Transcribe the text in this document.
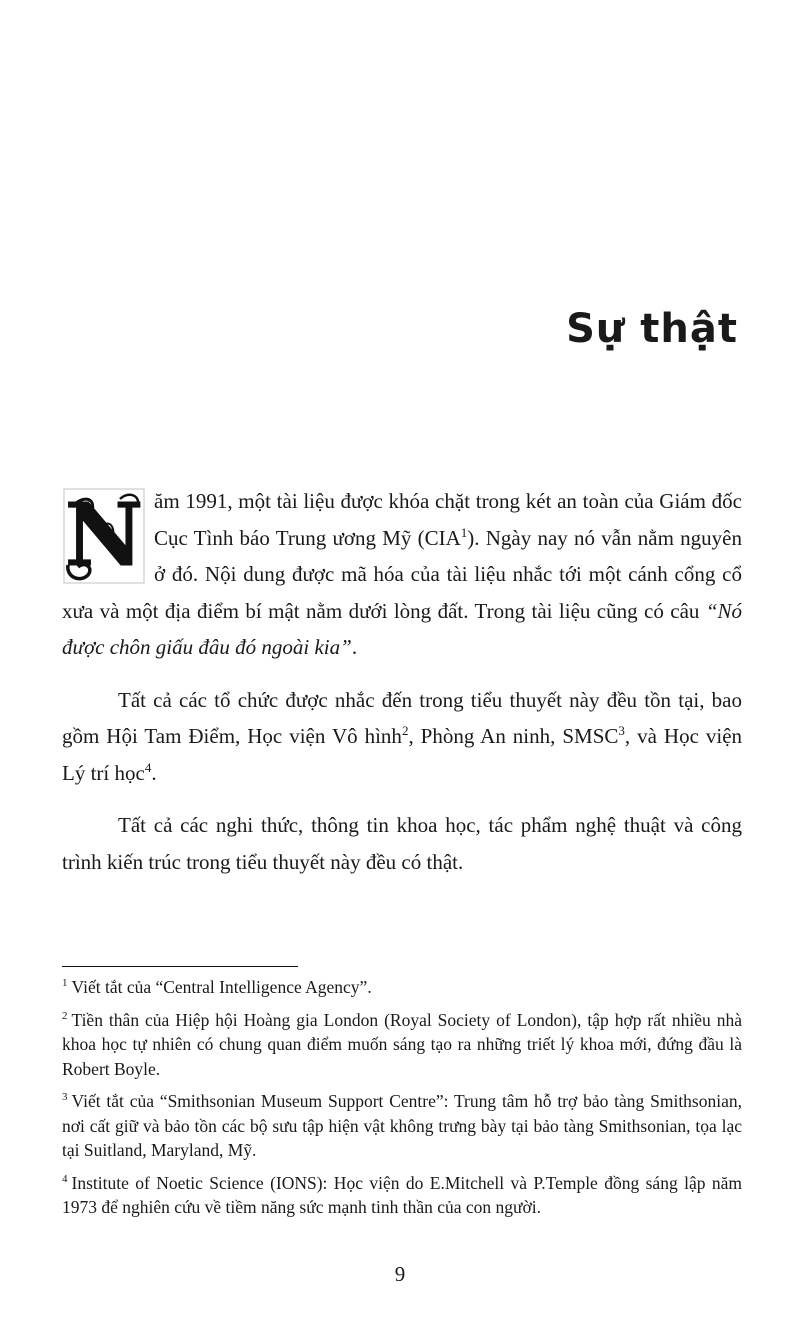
Sự thật

N ăm 1991, một tài liệu được khóa chặt trong két an toàn của Giám đốc Cục Tình báo Trung ương Mỹ (CIA$^1$). Ngày nay nó vẫn nằm nguyên ở đó. Nội dung được mã hóa của tài liệu nhắc tới một cánh cổng cổ xưa và một địa điểm bí mật nằm dưới lòng đất. Trong tài liệu cũng có câu “Nó được chôn giấu đâu đó ngoài kia”.

Tất cả các tổ chức được nhắc đến trong tiểu thuyết này đều tồn tại, bao gồm Hội Tam Điểm, Học viện Vô hình$^2$, Phòng An ninh, SMSC$^3$, và Học viện Lý trí học$^4$.

Tất cả các nghi thức, thông tin khoa học, tác phẩm nghệ thuật và công trình kiến trúc trong tiểu thuyết này đều có thật.

$^1$ Viết tắt của “Central Intelligence Agency”.

$^2$ Tiền thân của Hiệp hội Hoàng gia London (Royal Society of London), tập hợp rất nhiều nhà khoa học tự nhiên có chung quan điểm muốn sáng tạo ra những triết lý khoa mới, đứng đầu là Robert Boyle.

$^3$ Viết tắt của “Smithsonian Museum Support Centre”: Trung tâm hỗ trợ bảo tàng Smithsonian, nơi cất giữ và bảo tồn các bộ sưu tập hiện vật không trưng bày tại bảo tàng Smithsonian, tọa lạc tại Suitland, Maryland, Mỹ.

$^4$ Institute of Noetic Science (IONS): Học viện do E.Mitchell và P.Temple đồng sáng lập năm 1973 để nghiên cứu về tiềm năng sức mạnh tinh thần của con người.

9
